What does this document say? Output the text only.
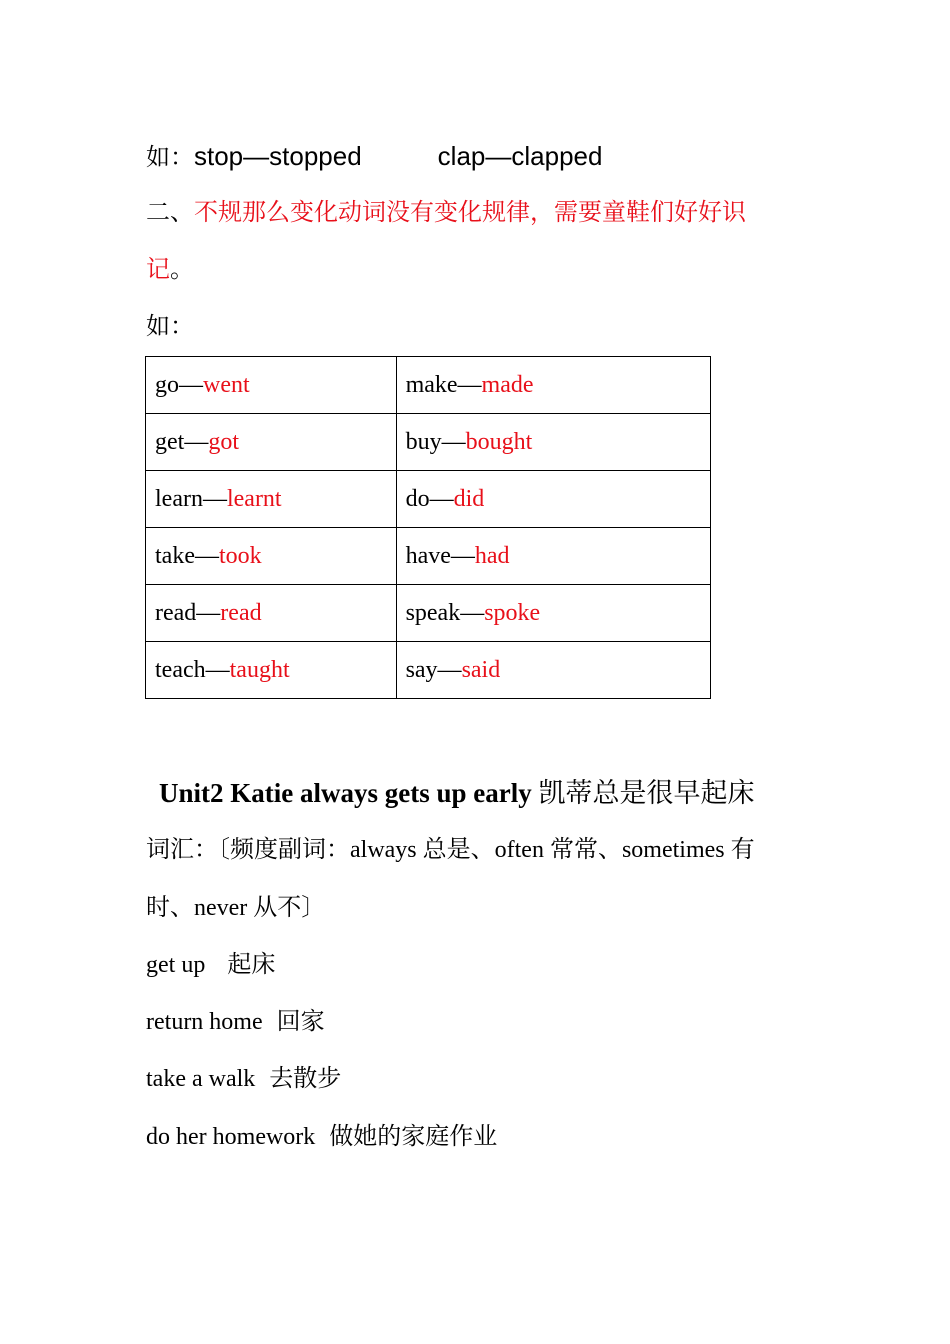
如：stop—stopped	clap—clapped
二、不规那么变化动词没有变化规律，需要童鞋们好好识
记。
如：
go—went	make—made
get—got	buy—bought
learn—learnt	do—did
take—took	have—had
read—read	speak—spoke
teach—taught	say—said
Unit2 Katie always gets up early 凯蒂总是很早起床
词汇：〔频度副词：always 总是、often 常常、sometimes 有
时、never 从不〕
get up 起床
return home 回家
take a walk 去散步
do her homework 做她的家庭作业
